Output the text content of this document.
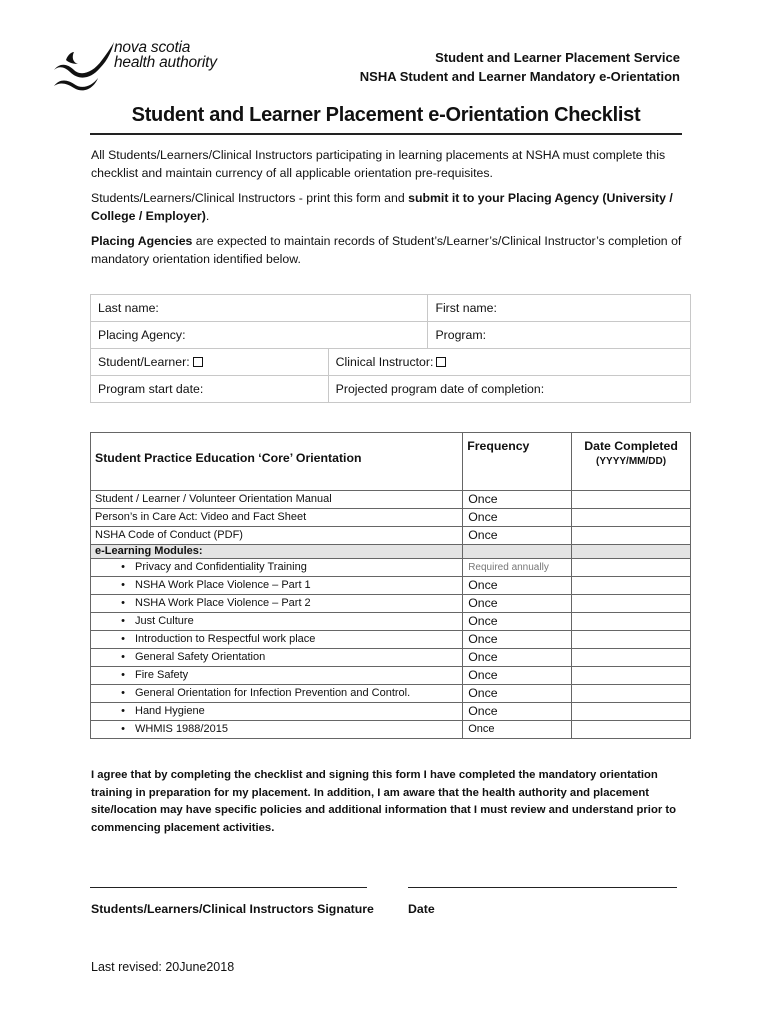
nova scotia
health authority	Student and Learner Placement Service
NSHA Student and Learner Mandatory e-Orientation
Student and Learner Placement e-Orientation Checklist

All Students/Learners/Clinical Instructors participating in learning placements at NSHA must complete this checklist and maintain currency of all applicable orientation pre-requisites.

Students/Learners/Clinical Instructors - print this form and submit it to your Placing Agency (University / College / Employer).

Placing Agencies are expected to maintain records of Student’s/Learner’s/Clinical Instructor’s completion of mandatory orientation identified below.

Last name:		First name:
Placing Agency:		Program:
Student/Learner:	Clinical Instructor:	
Program start date:	Projected program date of completion:	
Student Practice Education ‘Core’ Orientation	Frequency	Date Completed
(YYYY/MM/DD)

Student / Learner / Volunteer Orientation Manual	Once	
Person’s in Care Act: Video and Fact Sheet	Once	
NSHA Code of Conduct (PDF)	Once	
e-Learning Modules:		
• Privacy and Confidentiality Training	Required annually	
• NSHA Work Place Violence – Part 1	Once	
• NSHA Work Place Violence – Part 2	Once	
• Just Culture	Once	
• Introduction to Respectful work place	Once	
• General Safety Orientation	Once	
• Fire Safety	Once	
• General Orientation for Infection Prevention and Control.	Once	
• Hand Hygiene	Once	
• WHMIS 1988/2015	Once	
I agree that by completing the checklist and signing this form I have completed the mandatory orientation training in preparation for my placement. In addition, I am aware that the health authority and placement site/location may have specific policies and additional information that I must review and understand prior to commencing placement activities.
Students/Learners/Clinical Instructors Signature	Date
Last revised: 20June2018
